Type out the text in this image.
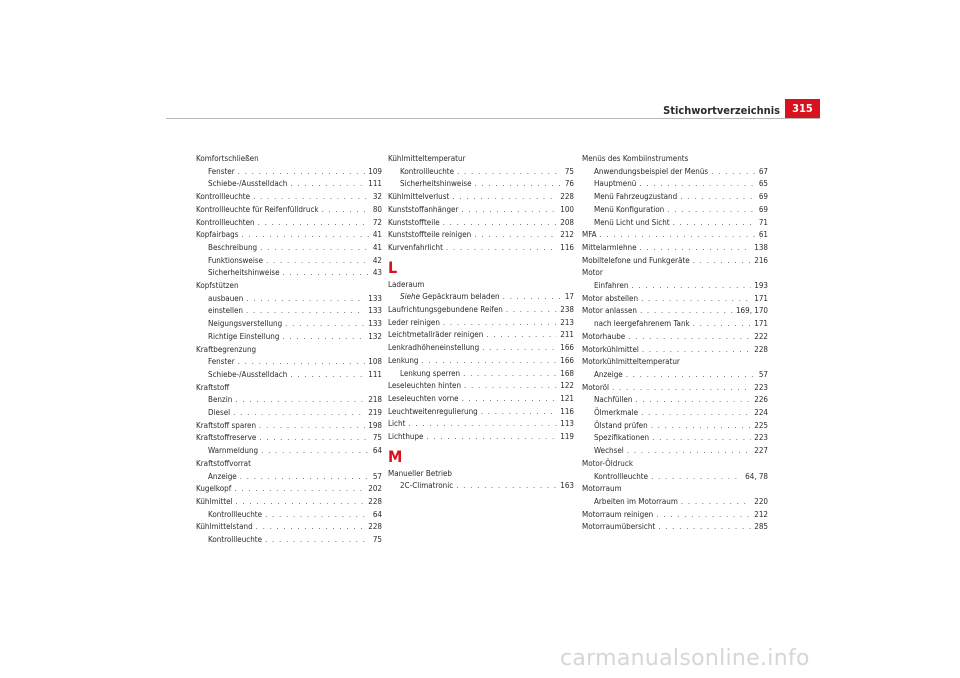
Stichwortverzeichnis	315
Komfortschließen
Fenster . . .	109
Schiebe-/Ausstelldach . . .	111
Kontrollleuchte . . .	32
Kontrollleuchte für Reifenfülldruck . . .	80
Kontrollleuchten . . .	72
Kopfairbags . . .	41
Beschreibung . . .	41
Funktionsweise . . .	42
Sicherheitshinweise . . .	43
Kopfstützen
ausbauen . . .	133
einstellen . . .	133
Neigungsverstellung . . .	133
Richtige Einstellung . . .	132
Kraftbegrenzung
Fenster . . .	108
Schiebe-/Ausstelldach . . .	111
Kraftstoff
Benzin . . .	218
Diesel . . .	219
Kraftstoff sparen . . .	198
Kraftstoffreserve . . .	75
Warnmeldung . . .	64
Kraftstoffvorrat
Anzeige . . .	57
Kugelkopf . . .	202
Kühlmittel . . .	228
Kontrollleuchte . . .	64
Kühlmittelstand . . .	228
Kontrollleuchte . . .	75
Kühlmitteltemperatur
Kontrollleuchte . . .	75
Sicherheitshinweise . . .	76
Kühlmittelverlust . . .	228
Kunststoffanhänger . . .	100
Kunststoffteile . . .	208
Kunststoffteile reinigen . . .	212
Kurvenfahrlicht . . .	116
L
Laderaum
Siehe Gepäckraum beladen . . .	17
Laufrichtungsgebundene Reifen . . .	238
Leder reinigen . . .	213
Leichtmetallräder reinigen . . .	211
Lenkradhöheneinstellung . . .	166
Lenkung . . .	166
Lenkung sperren . . .	168
Leseleuchten hinten . . .	122
Leseleuchten vorne . . .	121
Leuchtweitenregulierung . . .	116
Licht . . .	113
Lichthupe . . .	119
M
Manueller Betrieb
2C-Climatronic . . .	163
Menüs des Kombiinstruments
Anwendungsbeispiel der Menüs . . .	67
Hauptmenü . . .	65
Menü Fahrzeugzustand . . .	69
Menü Konfiguration . . .	69
Menü Licht und Sicht . . .	71
MFA . . .	61
Mittelarmlehne . . .	138
Mobiltelefone und Funkgeräte . . .	216
Motor
Einfahren . . .	193
Motor abstellen . . .	171
Motor anlassen . . .	169, 170
nach leergefahrenem Tank . . .	171
Motorhaube . . .	222
Motorkühlmittel . . .	228
Motorkühlmitteltemperatur
Anzeige . . .	57
Motoröl . . .	223
Nachfüllen . . .	226
Ölmerkmale . . .	224
Ölstand prüfen . . .	225
Spezifikationen . . .	223
Wechsel . . .	227
Motor-Öldruck
Kontrollleuchte . . .	64, 78
Motorraum
Arbeiten im Motorraum . . .	220
Motorraum reinigen . . .	212
Motorraumübersicht . . .	285
carmanualsonline.info
